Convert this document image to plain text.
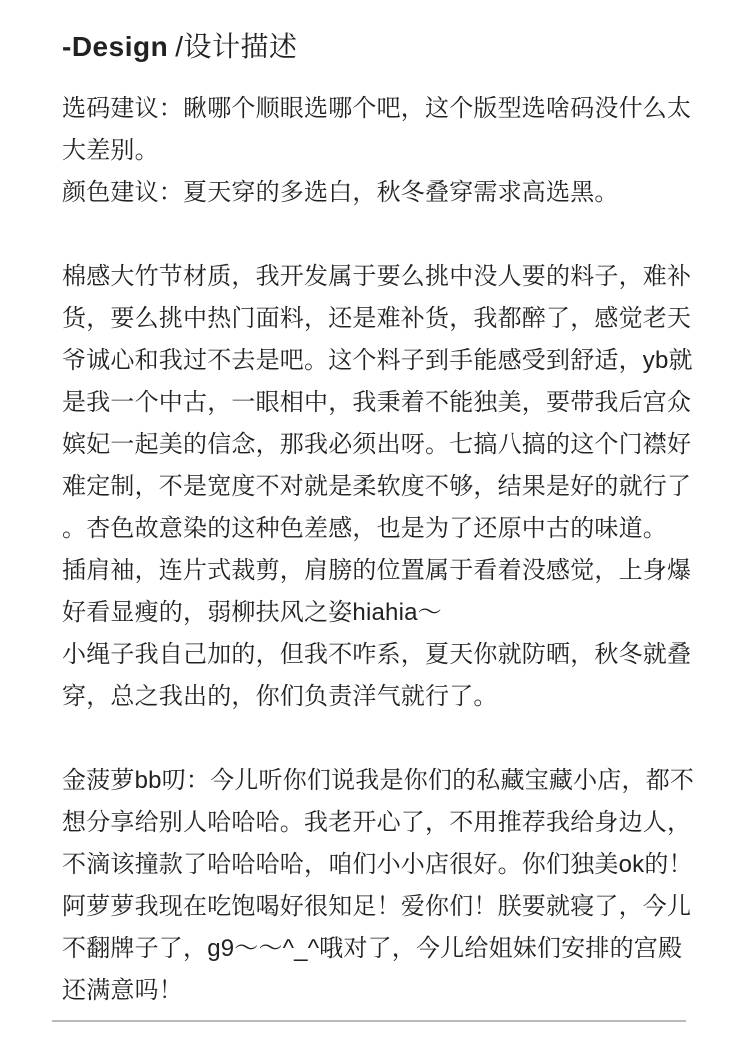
-Design /设计描述
选码建议：瞅哪个顺眼选哪个吧，这个版型选啥码没什么太
大差别。
颜色建议：夏天穿的多选白，秋冬叠穿需求高选黑。
棉感大竹节材质，我开发属于要么挑中没人要的料子，难补
货，要么挑中热门面料，还是难补货，我都醉了，感觉老天
爷诚心和我过不去是吧。这个料子到手能感受到舒适，yb就
是我一个中古，一眼相中，我秉着不能独美，要带我后宫众
嫔妃一起美的信念，那我必须出呀。七搞八搞的这个门襟好
难定制，不是宽度不对就是柔软度不够，结果是好的就行了
。杏色故意染的这种色差感，也是为了还原中古的味道。
插肩袖，连片式裁剪，肩膀的位置属于看着没感觉，上身爆
好看显瘦的，弱柳扶风之姿hiahia～
小绳子我自己加的，但我不咋系，夏天你就防晒，秋冬就叠
穿，总之我出的，你们负责洋气就行了。
金菠萝bb叨：今儿听你们说我是你们的私藏宝藏小店，都不
想分享给别人哈哈哈。我老开心了，不用推荐我给身边人，
不滴该撞款了哈哈哈哈，咱们小小店很好。你们独美ok的！
阿萝萝我现在吃饱喝好很知足！爱你们！朕要就寝了，今儿
不翻牌子了，g9～～^_^哦对了，今儿给姐妹们安排的宫殿
还满意吗！
